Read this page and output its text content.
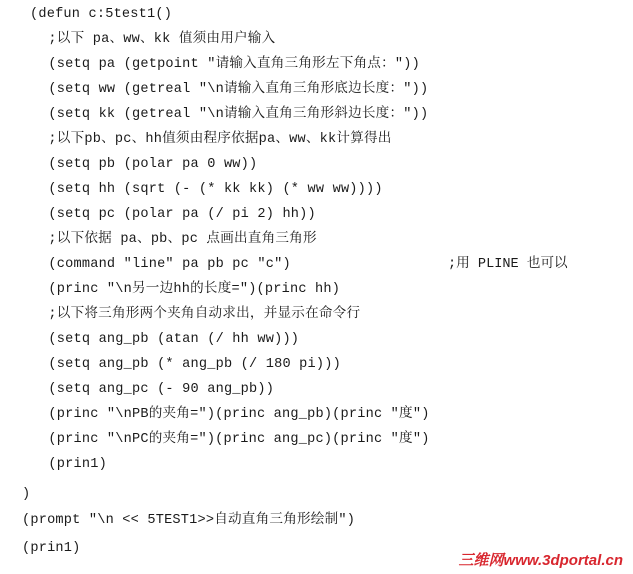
(defun c:5test1()
;以下 pa、ww、kk 值须由用户输入
(setq pa (getpoint "请输入直角三角形左下角点："))
(setq ww (getreal "\n请输入直角三角形底边长度："))
(setq kk (getreal "\n请输入直角三角形斜边长度："))
;以下pb、pc、hh值须由程序依据pa、ww、kk计算得出
(setq pb (polar pa 0 ww))
(setq hh (sqrt (- (* kk kk) (* ww ww))))
(setq pc (polar pa (/ pi 2) hh))
;以下依据 pa、pb、pc 点画出直角三角形
(command "line" pa pb pc "c")	;用 PLINE 也可以
(princ "\n另一边hh的长度=")(princ hh)
;以下将三角形两个夹角自动求出，并显示在命令行
(setq ang_pb (atan (/ hh ww)))
(setq ang_pb (* ang_pb (/ 180 pi)))
(setq ang_pc (- 90 ang_pb))
(princ "\nPB的夹角=")(princ ang_pb)(princ "度")
(princ "\nPC的夹角=")(princ ang_pc)(princ "度")
(prin1)
)
(prompt "\n << 5TEST1>>自动直角三角形绘制")
(prin1)
三维网www.3dportal.cn
